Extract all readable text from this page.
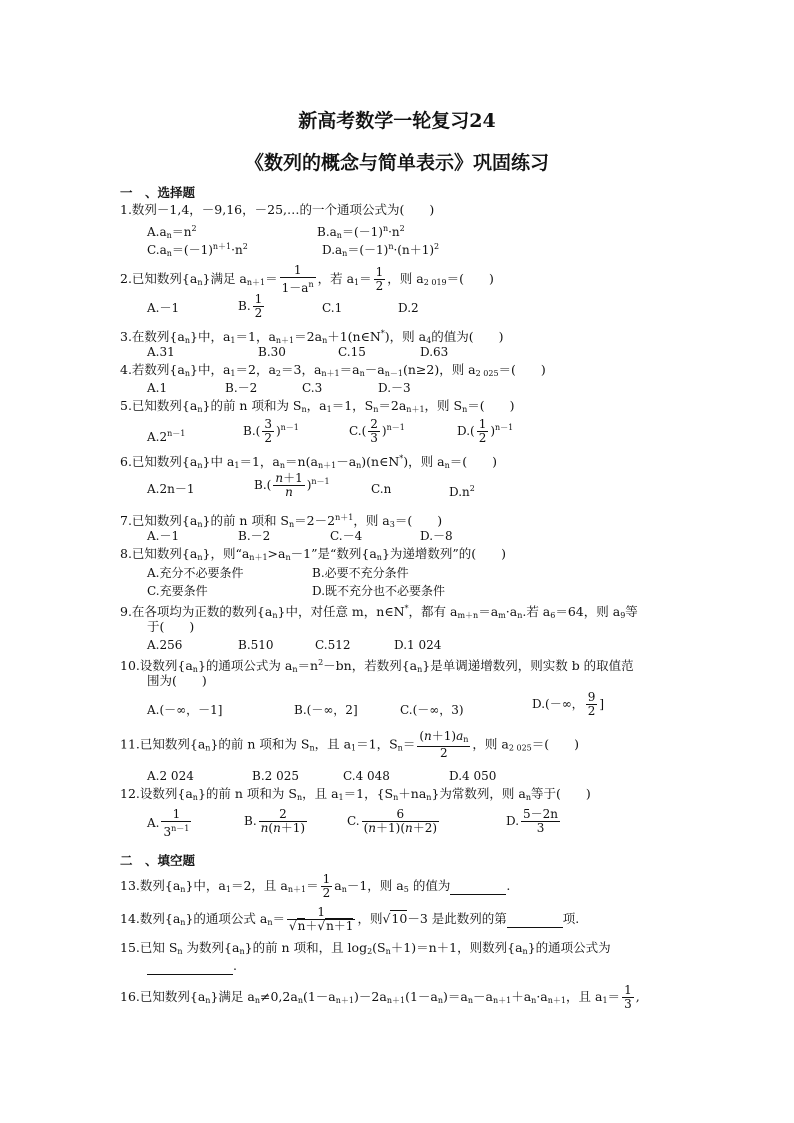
新高考数学一轮复习24
《数列的概念与简单表示》巩固练习
一　、选择题
1.数列－1,4，－9,16，－25,…的一个通项公式为(　　)
$A.a_n=n^2$	$B.a_n=(-1)^n\cdot n^2$
$C.a_n=(-1)^{n+1}\cdot n^2$	$D.a_n=(-1)^n\cdot(n+1)^2$
2.已知数列$\{a_n\}$满足 $a_{n+1}= \frac{1}{1-a^n}$ ，若 $a_1= \frac{1}{2}$ ，则 $a_{2 019}=$(　　)
A.－1	B. $\frac{1}{2}$	C.1	D.2
3.在数列$\{a_n\}$中，$a_1=1$，$a_{n+1}=2a_n+1(n\in N^*)$，则 $a_4$的值为(　　)
A.31	B.30	C.15	D.63
4.若数列$\{a_n\}$中，$a_1=2$，$a_2=3$，$a_{n+1}=a_n-a_{n-1}(n\ge 2)$，则 $a_{2 025}=$(　　)
A.1	B.－2	C.3	D.－3
5.已知数列$\{a_n\}$的前 n 项和为 $S_n$，$a_1=1$，$S_n=2a_{n+1}$，则 $S_n=$(　　)
$A.2^{n-1}$	$B.( \frac{3}{2} )^{n-1}$	$C.( \frac{2}{3} )^{n-1}$	$D.( \frac{1}{2} )^{n-1}$
6.已知数列$\{a_n\}$中 $a_1=1$，$a_n=n(a_{n+1}-a_n)(n\in N^*)$，则 $a_n=$(　　)
A.2n－1	$B.( \frac{n+1}{n} )^{n-1}$
C.n	$D.n^2$
7.已知数列$\{a_n\}$的前 n 项和 $S_n=2-2^{n+1}$，则 $a_3=$(　　)
A.－1	B.－2	C.－4	D.－8
8.已知数列$\{a_n\}$，则“$a_{n+1}>a_n-1$”是“数列$\{a_n\}$为递增数列”的(　　)
A.充分不必要条件	B.必要不充分条件
C.充要条件	D.既不充分也不必要条件
9.在各项均为正数的数列$\{a_n\}$中，对任意 m，n∈N*，都有 $a_{m+n}=a_m\cdot a_n$.若 $a_6=64$，则 $a_9$等
于(　　)
A.256	B.510	C.512	D.1 024
10.设数列$\{a_n\}$的通项公式为 $a_n=n^2-bn$，若数列$\{a_n\}$是单调递增数列，则实数 b 的取值范
围为(　　)
A.(－∞，－1]	B.(－∞，2]	C.(－∞，3)	D.(－∞， $\frac{9}{2}$ ]
11.已知数列$\{a_n\}$的前 n 项和为 $S_n$，且 $a_1=1$，$S_n= \frac{(n+1)a_n}{2}$ ，则 $a_{2 025}=$(　　)
A.2 024	B.2 025	C.4 048	D.4 050
12.设数列$\{a_n\}$的前 n 项和为 $S_n$，且 $a_1=1$，$\{S_n+na_n\}$为常数列，则 $a_n$等于(　　)
A. $\frac{1}{3^{n-1}}$	B. $\frac{2}{n(n+1)}$	C. $\frac{6}{(n+1)(n+2)}$	D. $\frac{5-2n}{3}$
二　、填空题
13.数列$\{a_n\}$中，$a_1=2$，且 $a_{n+1}= \frac{1}{2} a_n-1$，则 $a_5$ 的值为	.
14.数列$\{a_n\}$的通项公式 $a_n= \frac{1}{√n+√n+1}$ ，则√10－3 是此数列的第	项.
15.已知 $S_n$ 为数列$\{a_n\}$的前 n 项和，且 $\log_2(S_n+1)=n+1$，则数列$\{a_n\}$的通项公式为
.
16.已知数列$\{a_n\}$满足 $a_n\ne 0,2a_n(1-a_{n+1})-2a_{n+1}(1-a_n)=a_n-a_{n+1}+a_n\cdot a_{n+1}$，且 $a_1= \frac{1}{3}$ ,
